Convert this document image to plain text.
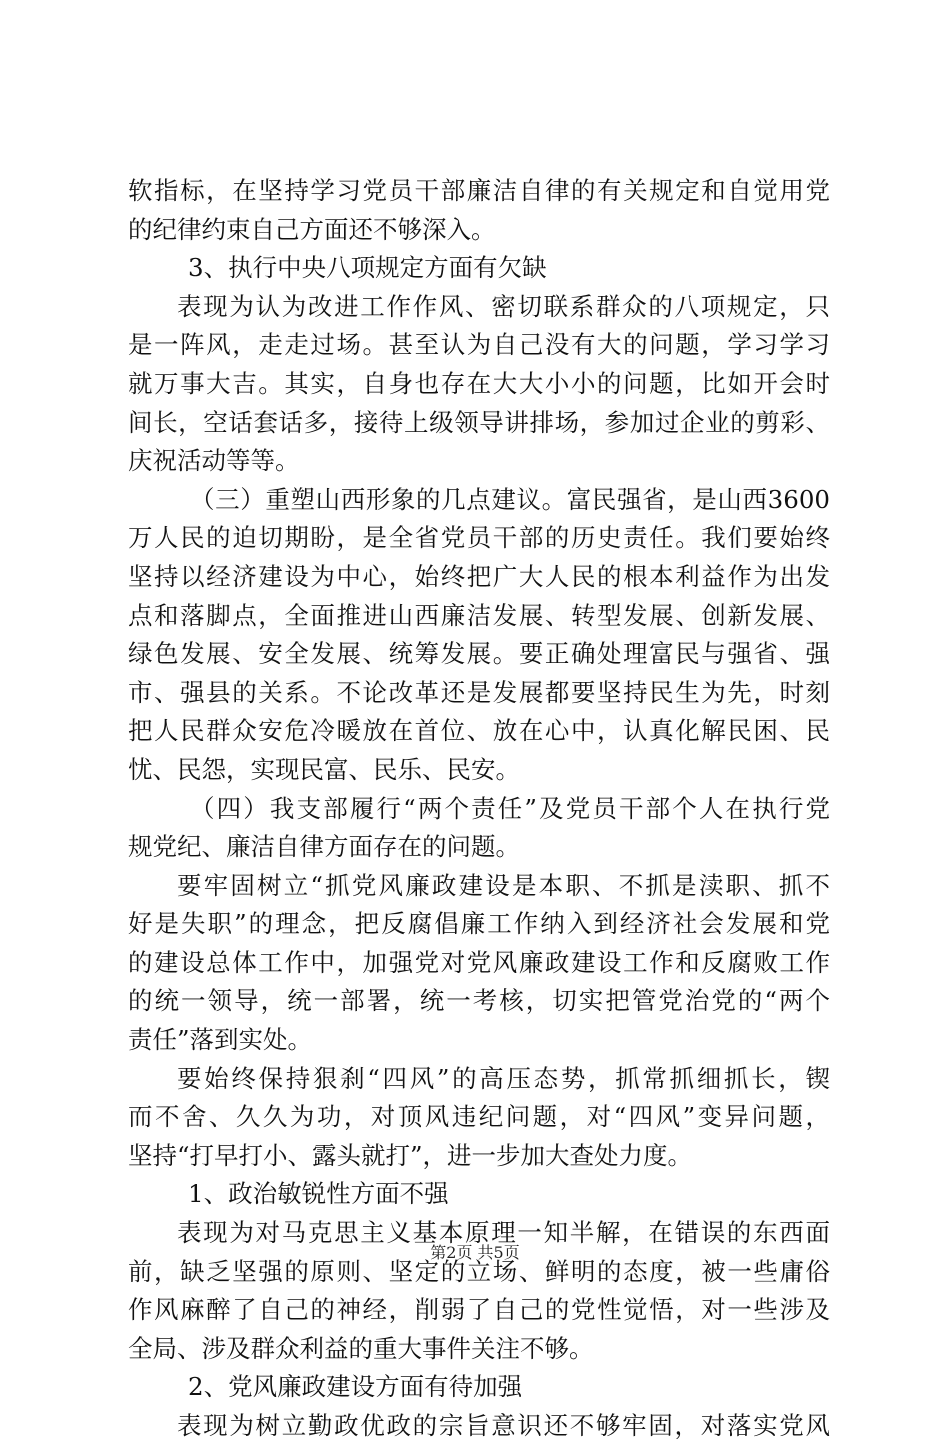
软指标，在坚持学习党员干部廉洁自律的有关规定和自觉用党
的纪律约束自己方面还不够深入。
3、执行中央八项规定方面有欠缺
表现为认为改进工作作风、密切联系群众的八项规定，只
是一阵风，走走过场。甚至认为自己没有大的问题，学习学习
就万事大吉。其实，自身也存在大大小小的问题，比如开会时
间长，空话套话多，接待上级领导讲排场，参加过企业的剪彩、
庆祝活动等等。
（三）重塑山西形象的几点建议。富民强省，是山西3600
万人民的迫切期盼，是全省党员干部的历史责任。我们要始终
坚持以经济建设为中心，始终把广大人民的根本利益作为出发
点和落脚点，全面推进山西廉洁发展、转型发展、创新发展、
绿色发展、安全发展、统筹发展。要正确处理富民与强省、强
市、强县的关系。不论改革还是发展都要坚持民生为先，时刻
把人民群众安危冷暖放在首位、放在心中，认真化解民困、民
忧、民怨，实现民富、民乐、民安。
（四）我支部履行“两个责任”及党员干部个人在执行党
规党纪、廉洁自律方面存在的问题。
要牢固树立“抓党风廉政建设是本职、不抓是渎职、抓不
好是失职”的理念，把反腐倡廉工作纳入到经济社会发展和党
的建设总体工作中，加强党对党风廉政建设工作和反腐败工作
的统一领导，统一部署，统一考核，切实把管党治党的“两个
责任”落到实处。
要始终保持狠刹“四风”的高压态势，抓常抓细抓长，锲
而不舍、久久为功，对顶风违纪问题，对“四风”变异问题，
坚持“打早打小、露头就打”，进一步加大查处力度。
1、政治敏锐性方面不强
表现为对马克思主义基本原理一知半解，在错误的东西面
前，缺乏坚强的原则、坚定的立场、鲜明的态度，被一些庸俗
作风麻醉了自己的神经，削弱了自己的党性觉悟，对一些涉及
全局、涉及群众利益的重大事件关注不够。
2、党风廉政建设方面有待加强
表现为树立勤政优政的宗旨意识还不够牢固，对落实党风
第2页 共5页
